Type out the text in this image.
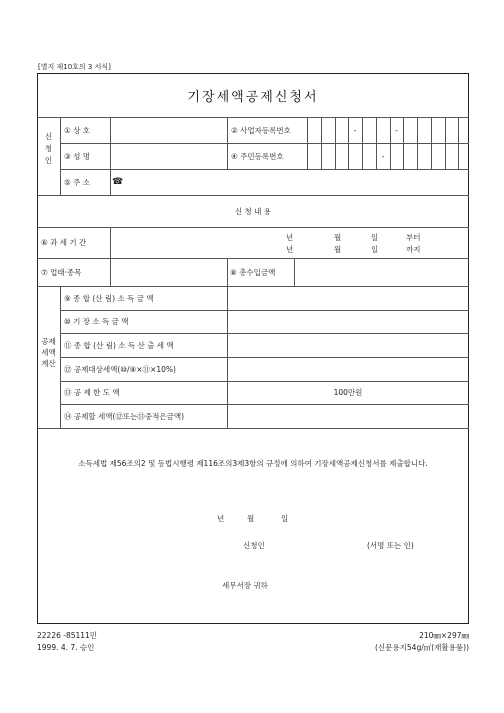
[별지 제10호의 3 서식]
기장세액공제신청서
신
청
인
① 상 호	② 사업자등록번호	-	-
③ 성 명	④ 주민등록번호	-
⑤ 주 소 ☎
신 청 내 용
⑥ 과 세 기 간
년	월	일	부터
년	월	일	까지
⑦ 업태·종목	⑧ 총수입금액
공제
세액
계산
⑨ 종 합 (산 림) 소 득 금 액
⑩ 기 장 소 득 금 액
⑪ 종 합 (산 림) 소 득 산 출 세 액
⑫ 공제대상세액(⑩/⑨×⑪×10%)
⑬ 공 제 한 도 액	100만원
⑭ 공제할 세액(⑫또는⑬중적은금액)
소득세법 제56조의2 및 동법시행령 제116조의3제3항의 규정에 의하여 기장세액공제신청서를 제출합니다.
년	월	일
신청인	(서명 또는 인)
세무서장 귀하
22226 -85111민	210㎜×297㎜
1999. 4. 7. 승인	(신문용지54g/㎡(재활용품))
